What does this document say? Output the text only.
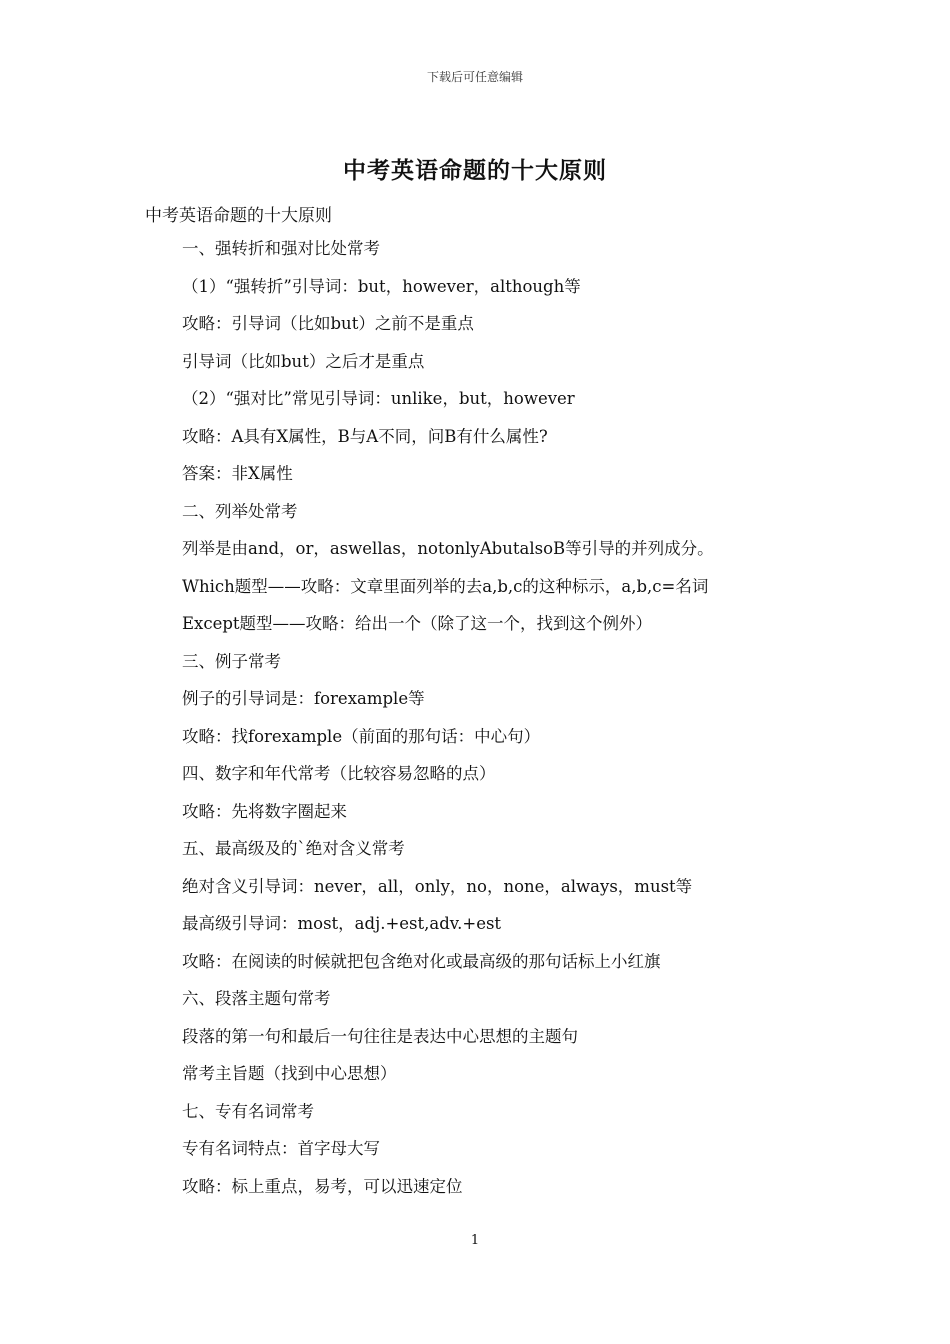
下载后可任意编辑
中考英语命题的十大原则

中考英语命题的十大原则

一、强转折和强对比处常考
（1）“强转折”引导词：but，however，although等
攻略：引导词（比如but）之前不是重点
引导词（比如but）之后才是重点
（2）“强对比”常见引导词：unlike，but，however
攻略：A具有X属性，B与A不同，问B有什么属性?
答案：非X属性
二、列举处常考
列举是由and，or，aswellas，notonlyAbutalsoB等引导的并列成分。
Which题型——攻略：文章里面列举的去a,b,c的这种标示，a,b,c=名词
Except题型——攻略：给出一个（除了这一个，找到这个例外）
三、例子常考
例子的引导词是：forexample等
攻略：找forexample（前面的那句话：中心句）
四、数字和年代常考（比较容易忽略的点）
攻略：先将数字圈起来
五、最高级及的`绝对含义常考
绝对含义引导词：never，all，only，no，none，always，must等
最高级引导词：most，adj.+est,adv.+est
攻略：在阅读的时候就把包含绝对化或最高级的那句话标上小红旗
六、段落主题句常考
段落的第一句和最后一句往往是表达中心思想的主题句
常考主旨题（找到中心思想）
七、专有名词常考
专有名词特点：首字母大写
攻略：标上重点，易考，可以迅速定位
1
